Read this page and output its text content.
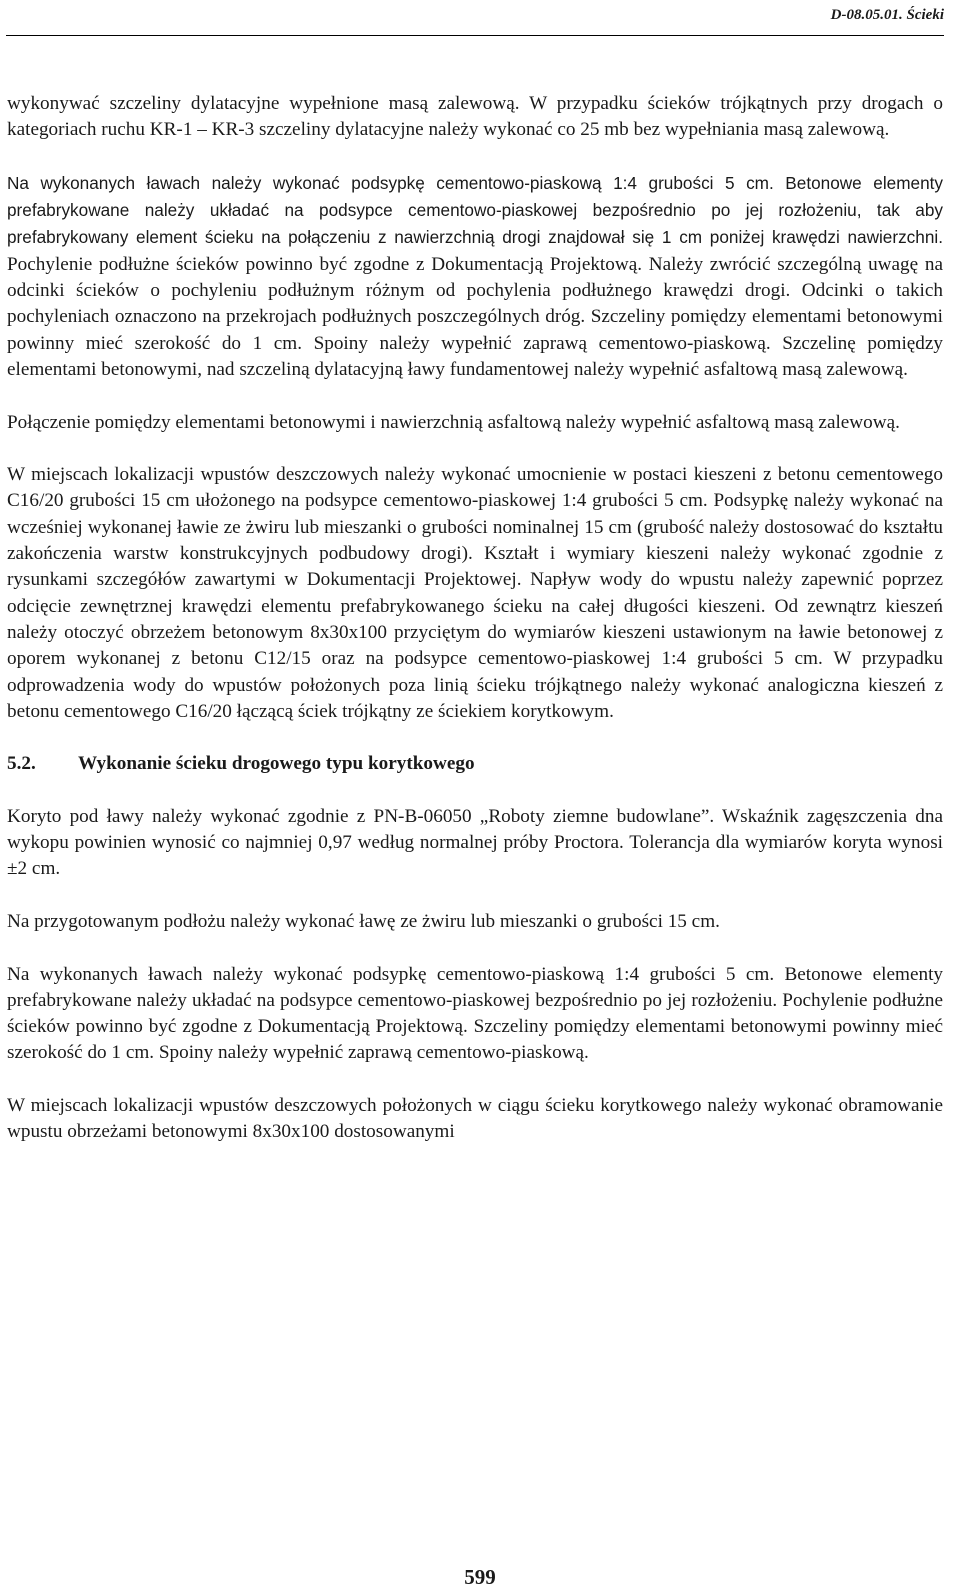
D-08.05.01. Ścieki

wykonywać szczeliny dylatacyjne wypełnione masą zalewową. W przypadku ścieków trójkątnych przy drogach o kategoriach ruchu KR-1 – KR-3 szczeliny dylatacyjne należy wykonać co 25 mb bez wypełniania masą zalewową.

Na wykonanych ławach należy wykonać podsypkę cementowo-piaskową 1:4 grubości 5 cm. Betonowe elementy prefabrykowane należy układać na podsypce cementowo-piaskowej bezpośrednio po jej rozłożeniu, tak aby prefabrykowany element ścieku na połączeniu z nawierzchnią drogi znajdował się 1 cm poniżej krawędzi nawierzchni. Pochylenie podłużne ścieków powinno być zgodne z Dokumentacją Projektową. Należy zwrócić szczególną uwagę na odcinki ścieków o pochyleniu podłużnym różnym od pochylenia podłużnego krawędzi drogi. Odcinki o takich pochyleniach oznaczono na przekrojach podłużnych poszczególnych dróg. Szczeliny pomiędzy elementami betonowymi powinny mieć szerokość do 1 cm. Spoiny należy wypełnić zaprawą cementowo-piaskową. Szczelinę pomiędzy elementami betonowymi, nad szczeliną dylatacyjną ławy fundamentowej należy wypełnić asfaltową masą zalewową.

Połączenie pomiędzy elementami betonowymi i nawierzchnią asfaltową należy wypełnić asfaltową masą zalewową.

W miejscach lokalizacji wpustów deszczowych należy wykonać umocnienie w postaci kieszeni z betonu cementowego C16/20 grubości 15 cm ułożonego na podsypce cementowo-piaskowej 1:4 grubości 5 cm. Podsypkę należy wykonać na wcześniej wykonanej ławie ze żwiru lub mieszanki o grubości nominalnej 15 cm (grubość należy dostosować do kształtu zakończenia warstw konstrukcyjnych podbudowy drogi). Kształt i wymiary kieszeni należy wykonać zgodnie z rysunkami szczegółów zawartymi w Dokumentacji Projektowej. Napływ wody do wpustu należy zapewnić poprzez odcięcie zewnętrznej krawędzi elementu prefabrykowanego ścieku na całej długości kieszeni. Od zewnątrz kieszeń należy otoczyć obrzeżem betonowym 8x30x100 przyciętym do wymiarów kieszeni ustawionym na ławie betonowej z oporem wykonanej z betonu C12/15 oraz na podsypce cementowo-piaskowej 1:4 grubości 5 cm. W przypadku odprowadzenia wody do wpustów położonych poza linią ścieku trójkątnego należy wykonać analogiczna kieszeń z betonu cementowego C16/20 łączącą ściek trójkątny ze ściekiem korytkowym.

5.2.	Wykonanie ścieku drogowego typu korytkowego

Koryto pod ławy należy wykonać zgodnie z PN-B-06050 „Roboty ziemne budowlane”. Wskaźnik zagęszczenia dna wykopu powinien wynosić co najmniej 0,97 według normalnej próby Proctora. Tolerancja dla wymiarów koryta wynosi ±2 cm.

Na przygotowanym podłożu należy wykonać ławę ze żwiru lub mieszanki o grubości 15 cm.

Na wykonanych ławach należy wykonać podsypkę cementowo-piaskową 1:4 grubości 5 cm. Betonowe elementy prefabrykowane należy układać na podsypce cementowo-piaskowej bezpośrednio po jej rozłożeniu. Pochylenie podłużne ścieków powinno być zgodne z Dokumentacją Projektową. Szczeliny pomiędzy elementami betonowymi powinny mieć szerokość do 1 cm. Spoiny należy wypełnić zaprawą cementowo-piaskową.

W miejscach lokalizacji wpustów deszczowych położonych w ciągu ścieku korytkowego należy wykonać obramowanie wpustu obrzeżami betonowymi 8x30x100 dostosowanymi

599
